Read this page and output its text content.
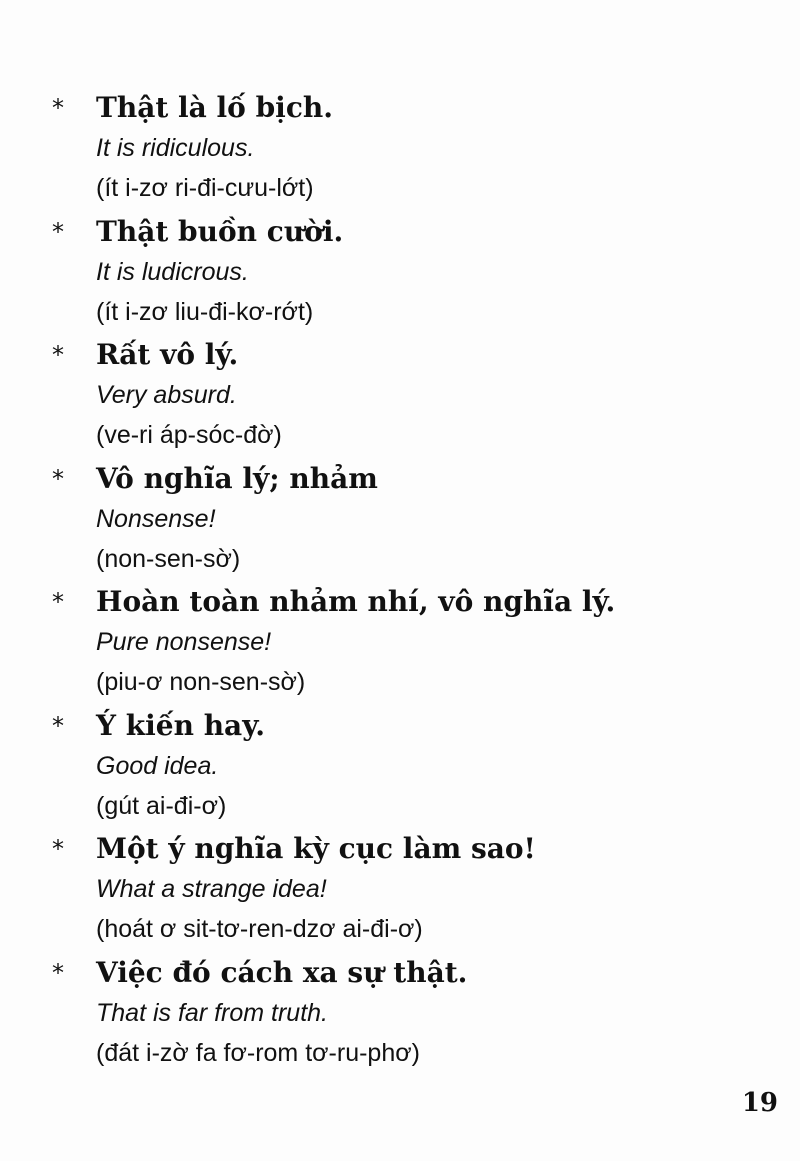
* Thật là lố bịch.
It is ridiculous.
(ít i-zơ ri-đi-cưu-lớt)
* Thật buồn cười.
It is ludicrous.
(ít i-zơ liu-đi-kơ-rớt)
* Rất vô lý.
Very absurd.
(ve-ri áp-sóc-đờ)
* Vô nghĩa lý; nhảm
Nonsense!
(non-sen-sờ)
* Hoàn toàn nhảm nhí, vô nghĩa lý.
Pure nonsense!
(piu-ơ non-sen-sờ)
* Ý kiến hay.
Good idea.
(gút ai-đi-ơ)
* Một ý nghĩa kỳ cục làm sao!
What a strange idea!
(hoát ơ sit-tơ-ren-dzơ ai-đi-ơ)
* Việc đó cách xa sự thật.
That is far from truth.
(đát i-zờ fa fơ-rom tơ-ru-phơ)
19
